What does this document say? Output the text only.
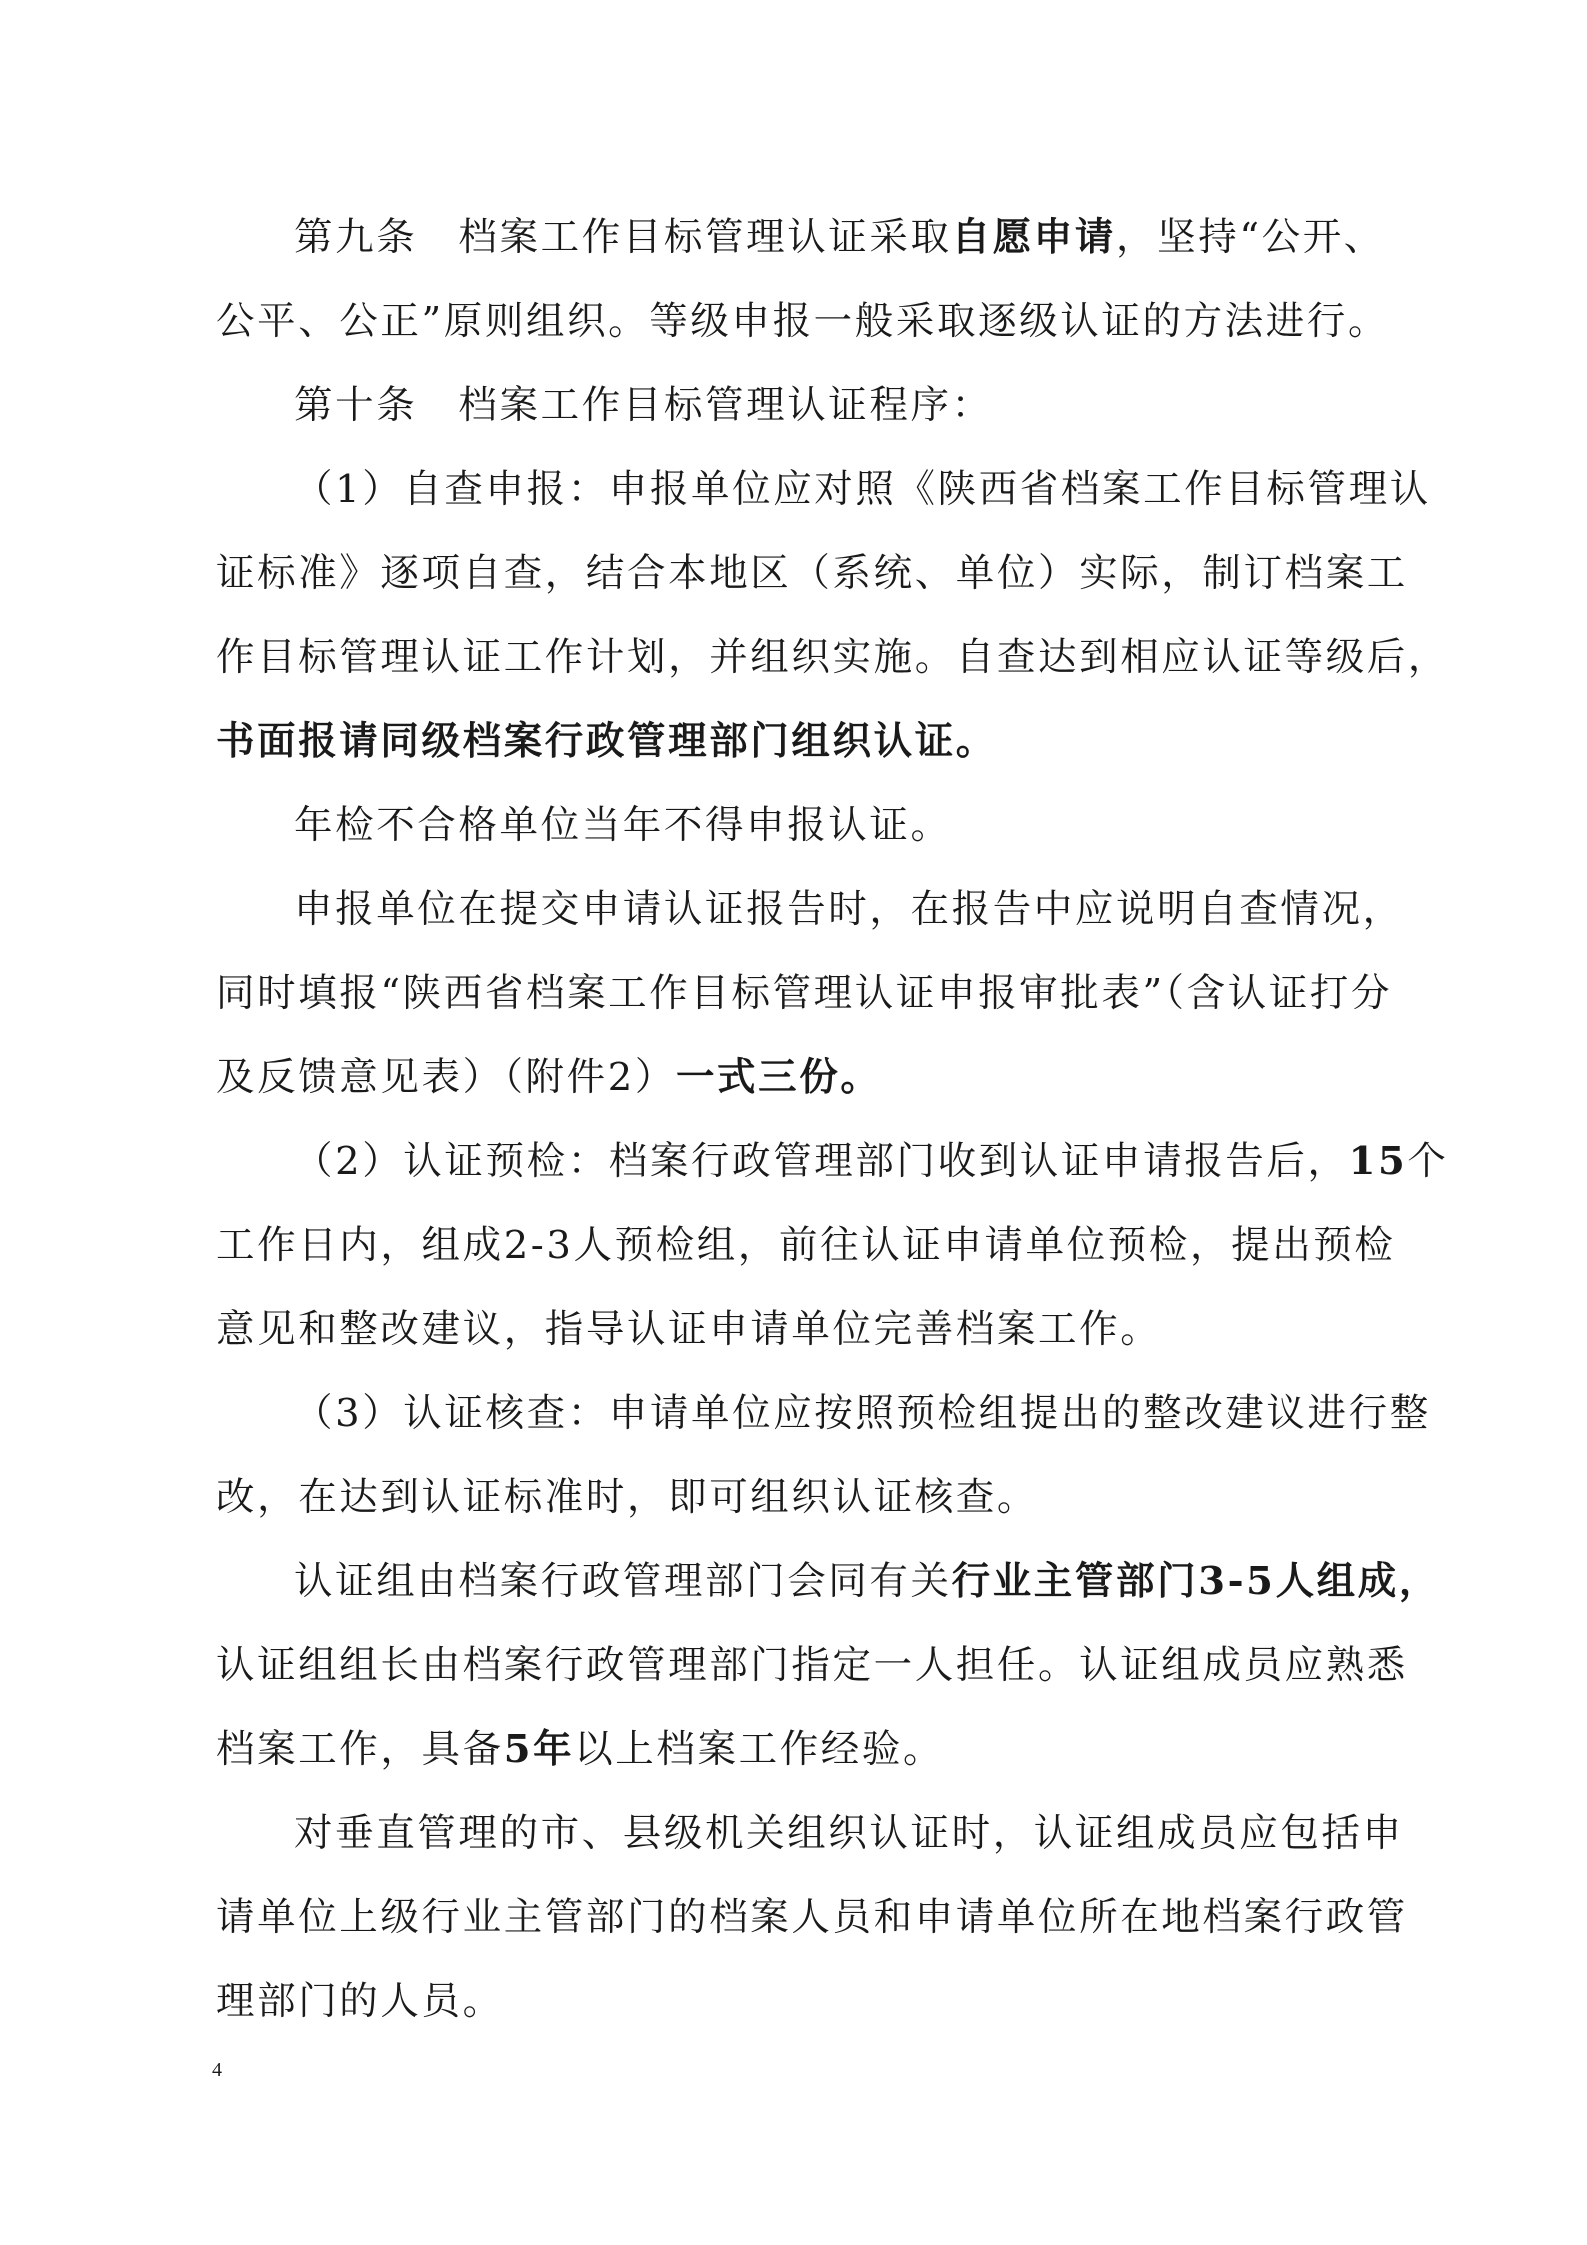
第九条　档案工作目标管理认证采取自愿申请，坚持“公开、
公平、公正”原则组织。等级申报一般采取逐级认证的方法进行。
第十条　档案工作目标管理认证程序：
（1）自查申报：申报单位应对照《陕西省档案工作目标管理认
证标准》逐项自查，结合本地区（系统、单位）实际，制订档案工
作目标管理认证工作计划，并组织实施。自查达到相应认证等级后，
书面报请同级档案行政管理部门组织认证。
年检不合格单位当年不得申报认证。
申报单位在提交申请认证报告时，在报告中应说明自查情况，
同时填报“陕西省档案工作目标管理认证申报审批表”（含认证打分
及反馈意见表）（附件2）一式三份。
（2）认证预检：档案行政管理部门收到认证申请报告后，15个
工作日内，组成2-3人预检组，前往认证申请单位预检，提出预检
意见和整改建议，指导认证申请单位完善档案工作。
（3）认证核查：申请单位应按照预检组提出的整改建议进行整
改，在达到认证标准时，即可组织认证核查。
认证组由档案行政管理部门会同有关行业主管部门3-5人组成，
认证组组长由档案行政管理部门指定一人担任。认证组成员应熟悉
档案工作，具备5年以上档案工作经验。
对垂直管理的市、县级机关组织认证时，认证组成员应包括申
请单位上级行业主管部门的档案人员和申请单位所在地档案行政管
理部门的人员。
4
